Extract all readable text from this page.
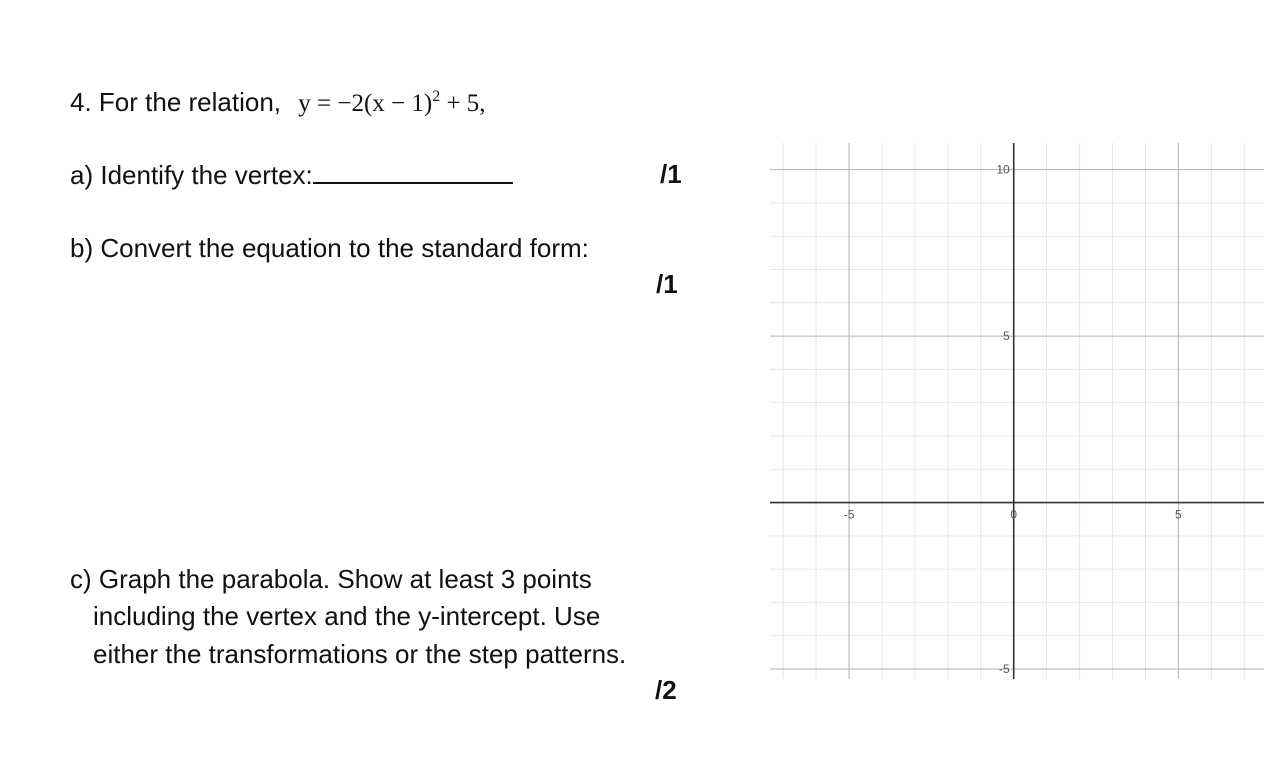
4. For the relation, $y = -2(x - 1)^2 + 5$,
a) Identify the vertex:	/1
b) Convert the equation to the standard form:
/1
c) Graph the parabola. Show at least 3 points
including the vertex and the y-intercept. Use
either the transformations or the step patterns.
/2
-5	0	5
10
5
-5
